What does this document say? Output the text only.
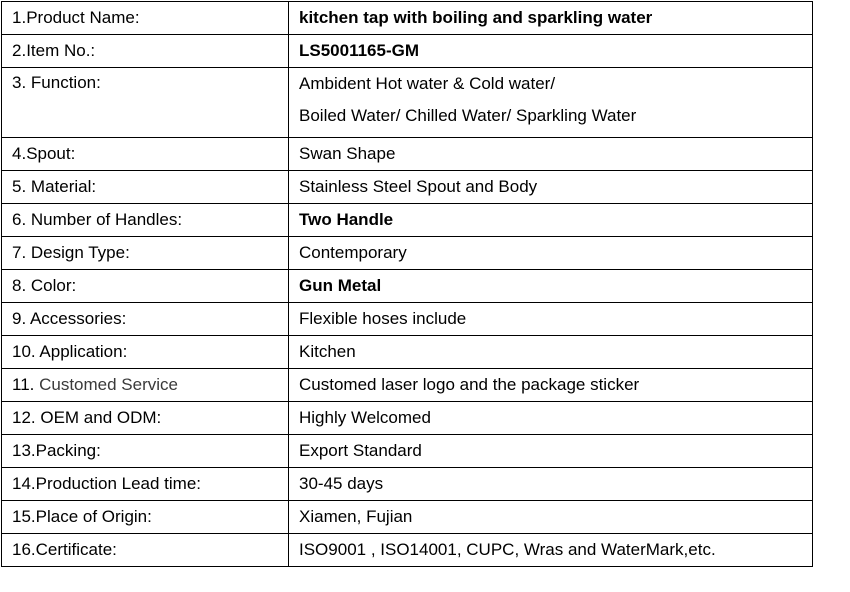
1.Product Name:	kitchen tap with boiling and sparkling water
2.Item No.:	LS5001165-GM
3. Function:	Ambident Hot water & Cold water/
Boiled Water/ Chilled Water/ Sparkling Water

4.Spout:	Swan Shape
5. Material:	Stainless Steel Spout and Body
6. Number of Handles:	Two Handle
7. Design Type:	Contemporary
8. Color:	Gun Metal
9. Accessories:	Flexible hoses include
10. Application:	Kitchen
11. Customed Service	Customed laser logo and the package sticker
12. OEM and ODM:	Highly Welcomed
13.Packing:	Export Standard
14.Production Lead time:	30-45 days
15.Place of Origin:	Xiamen, Fujian
16.Certificate:	ISO9001 , ISO14001, CUPC, Wras and WaterMark,etc.
